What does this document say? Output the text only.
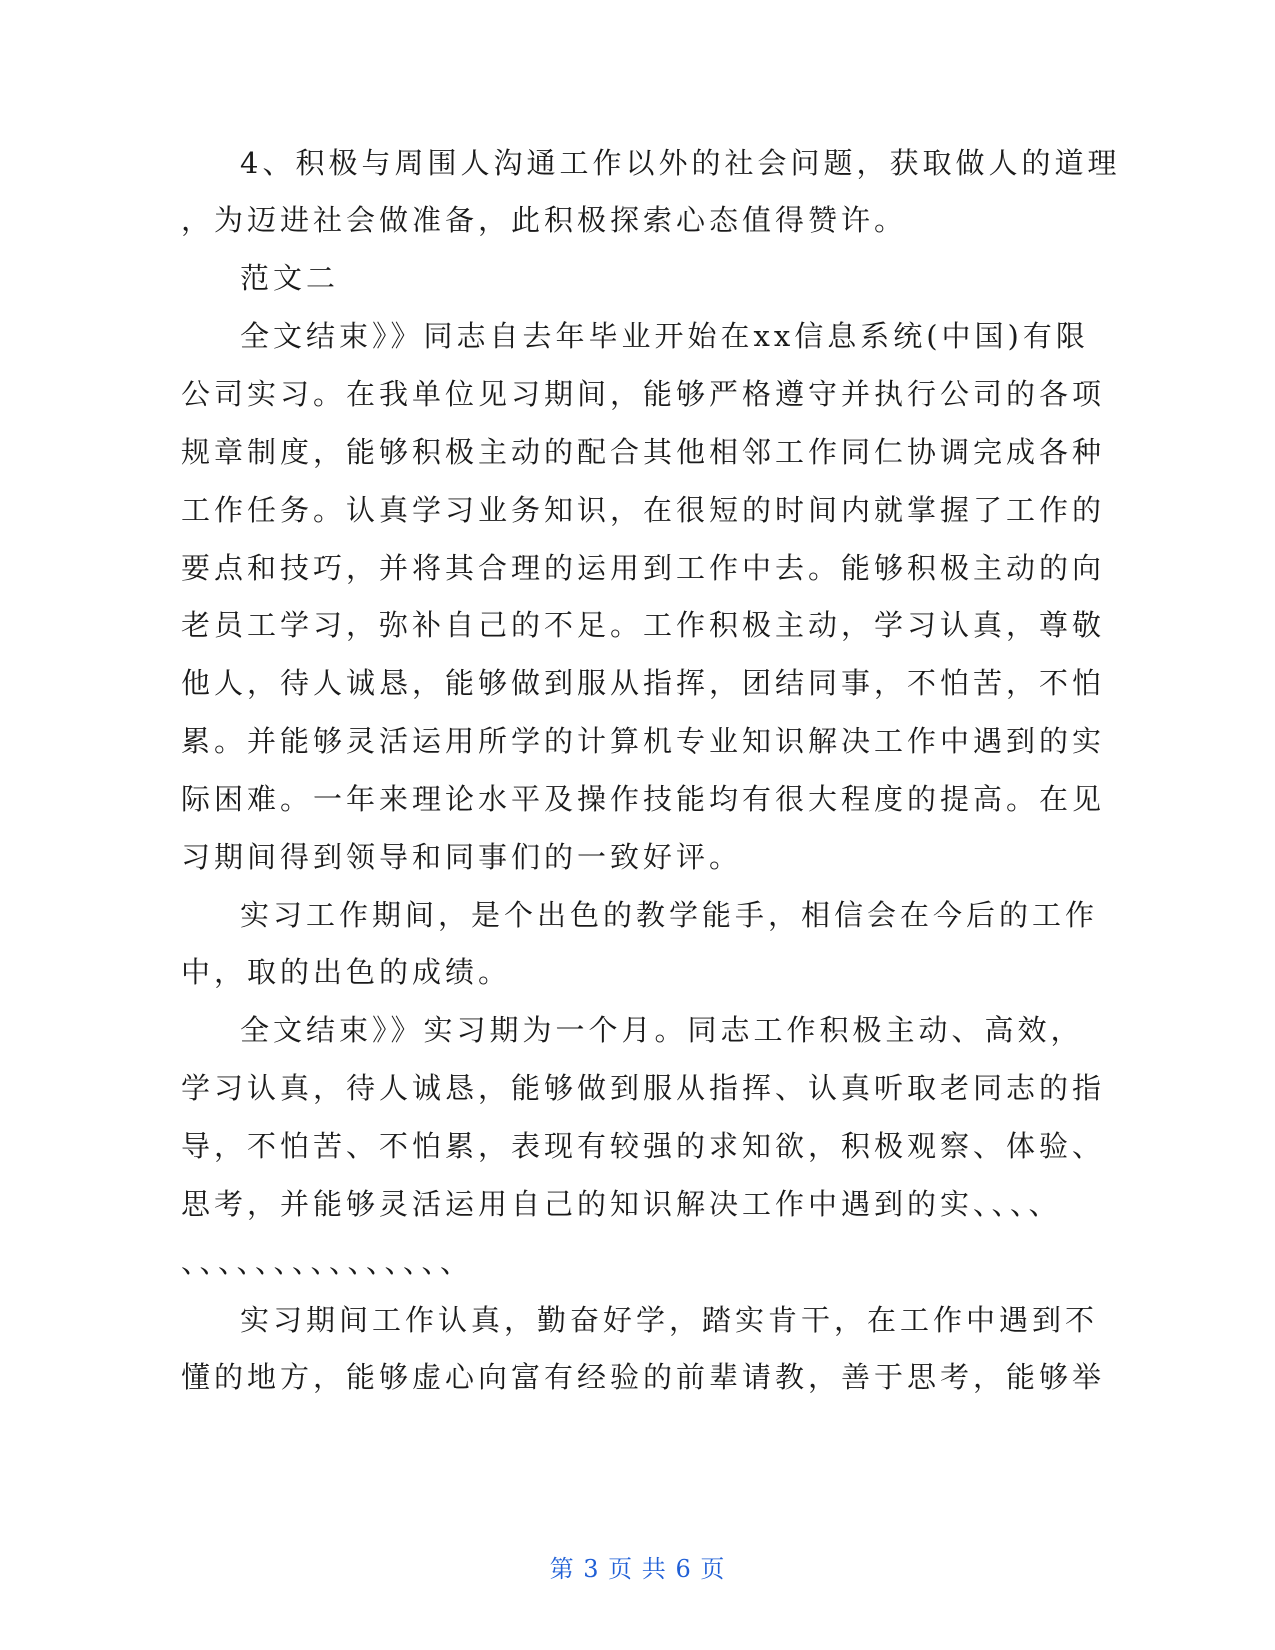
4、积极与周围人沟通工作以外的社会问题，获取做人的道理
，为迈进社会做准备，此积极探索心态值得赞许。
范文二
全文结束》》同志自去年毕业开始在xx信息系统(中国)有限
公司实习。在我单位见习期间，能够严格遵守并执行公司的各项
规章制度，能够积极主动的配合其他相邻工作同仁协调完成各种
工作任务。认真学习业务知识，在很短的时间内就掌握了工作的
要点和技巧，并将其合理的运用到工作中去。能够积极主动的向
老员工学习，弥补自己的不足。工作积极主动，学习认真，尊敬
他人，待人诚恳，能够做到服从指挥，团结同事，不怕苦，不怕
累。并能够灵活运用所学的计算机专业知识解决工作中遇到的实
际困难。一年来理论水平及操作技能均有很大程度的提高。在见
习期间得到领导和同事们的一致好评。
实习工作期间，是个出色的教学能手，相信会在今后的工作
中，取的出色的成绩。
全文结束》》实习期为一个月。同志工作积极主动、高效，
学习认真，待人诚恳，能够做到服从指挥、认真听取老同志的指
导，不怕苦、不怕累，表现有较强的求知欲，积极观察、体验、
思考，并能够灵活运用自己的知识解决工作中遇到的实、、、、
、、、、、、、、、、、、、、、
实习期间工作认真，勤奋好学，踏实肯干，在工作中遇到不
懂的地方，能够虚心向富有经验的前辈请教，善于思考，能够举
第 3 页 共 6 页
